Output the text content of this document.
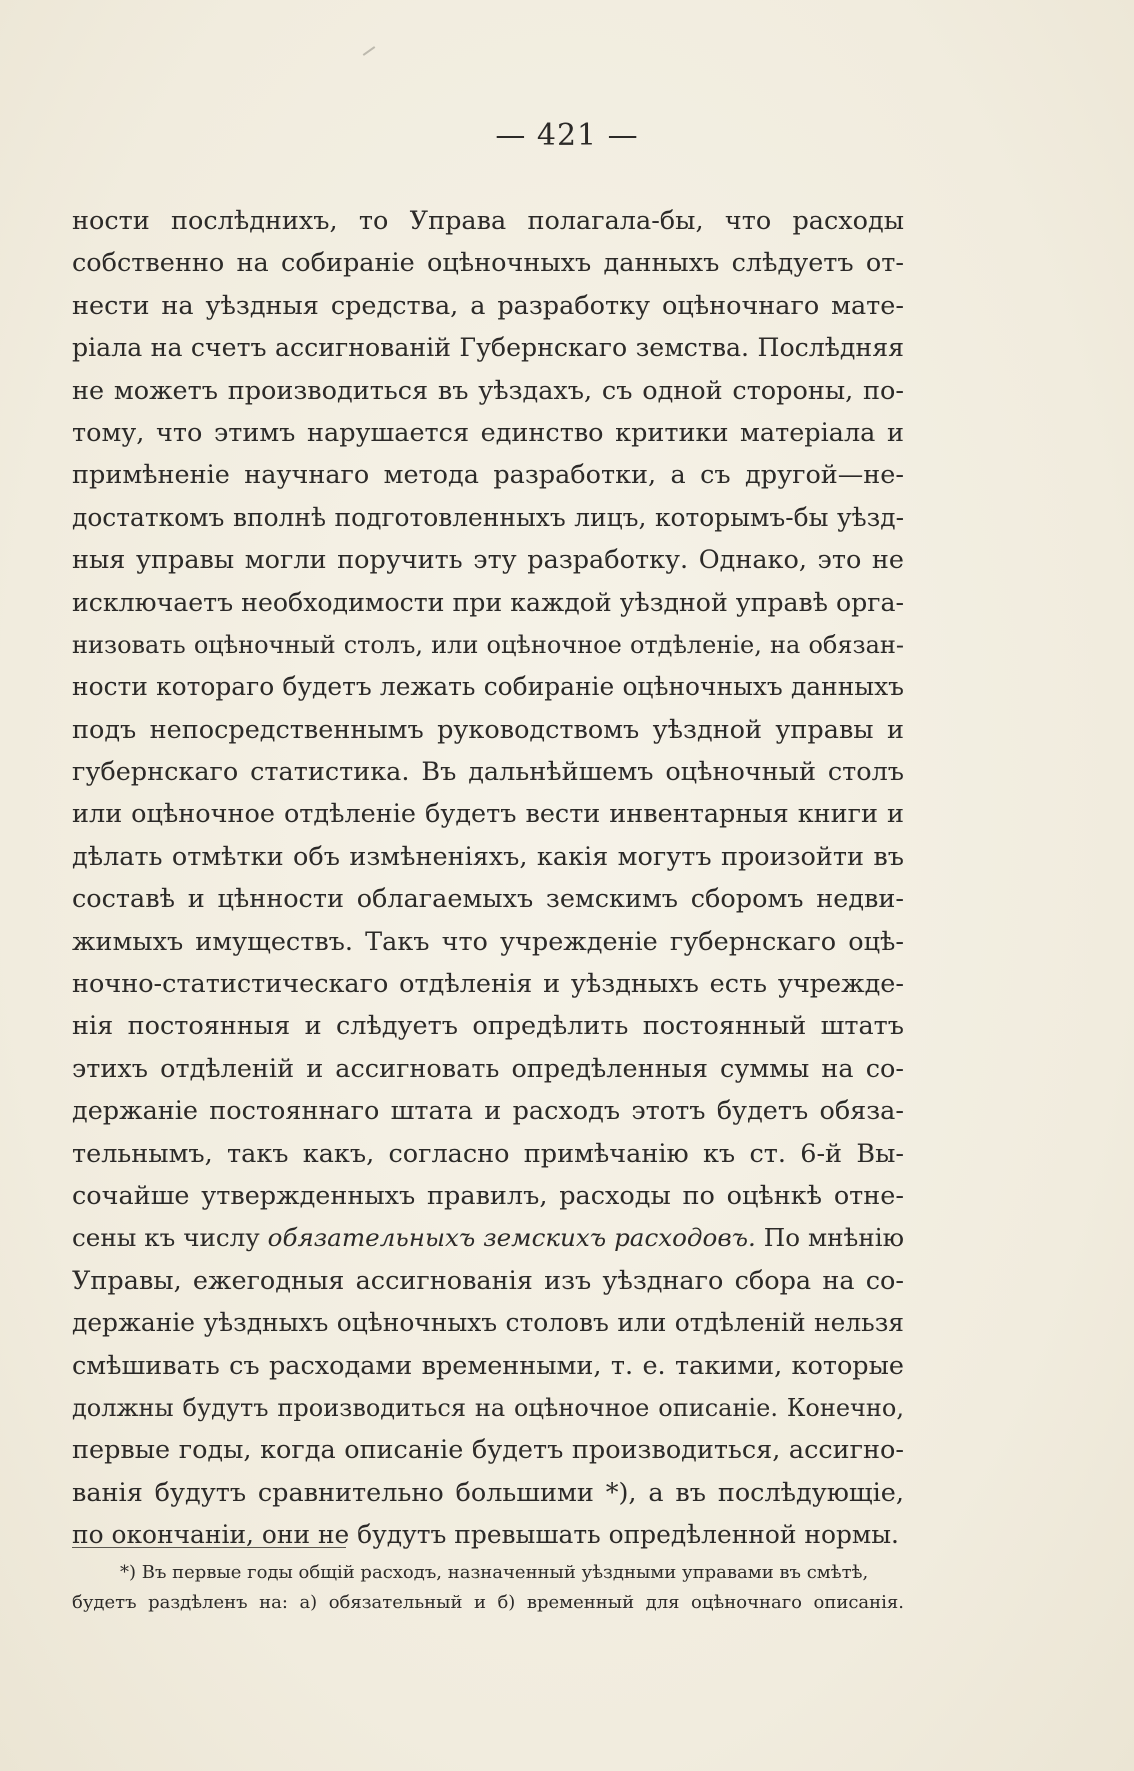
— 421 —
ности послѣднихъ, то Управа полагала-бы, что расходы
собственно на собираніе оцѣночныхъ данныхъ слѣдуетъ от-
нести на уѣздныя средства, а разработку оцѣночнаго мате-
ріала на счетъ ассигнованій Губернскаго земства. Послѣдняя
не можетъ производиться въ уѣздахъ, съ одной стороны, по-
тому, что этимъ нарушается единство критики матеріала и
примѣненіе научнаго метода разработки, а съ другой—не-
достаткомъ вполнѣ подготовленныхъ лицъ, которымъ-бы уѣзд-
ныя управы могли поручить эту разработку. Однако, это не
исключаетъ необходимости при каждой уѣздной управѣ орга-
низовать оцѣночный столъ, или оцѣночное отдѣленіе, на обязан-
ности котораго будетъ лежать собираніе оцѣночныхъ данныхъ
подъ непосредственнымъ руководствомъ уѣздной управы и
губернскаго статистика. Въ дальнѣйшемъ оцѣночный столъ
или оцѣночное отдѣленіе будетъ вести инвентарныя книги и
дѣлать отмѣтки объ измѣненіяхъ, какія могутъ произойти въ
составѣ и цѣнности облагаемыхъ земскимъ сборомъ недви-
жимыхъ имуществъ. Такъ что учрежденіе губернскаго оцѣ-
ночно-статистическаго отдѣленія и уѣздныхъ есть учрежде-
нія постоянныя и слѣдуетъ опредѣлить постоянный штатъ
этихъ отдѣленій и ассигновать опредѣленныя суммы на со-
держаніе постояннаго штата и расходъ этотъ будетъ обяза-
тельнымъ, такъ какъ, согласно примѣчанію къ ст. 6-й Вы-
сочайше утвержденныхъ правилъ, расходы по оцѣнкѣ отне-
сены къ числу обязательныхъ земскихъ расходовъ. По мнѣнію
Управы, ежегодныя ассигнованія изъ уѣзднаго сбора на со-
держаніе уѣздныхъ оцѣночныхъ столовъ или отдѣленій нельзя
смѣшивать съ расходами временными, т. е. такими, которые
должны будутъ производиться на оцѣночное описаніе. Конечно,
первые годы, когда описаніе будетъ производиться, ассигно-
ванія будутъ сравнительно большими *), а въ послѣдующіе,
по окончаніи, они не будутъ превышать опредѣленной нормы.
*) Въ первые годы общій расходъ, назначенный уѣздными управами въ смѣтѣ,
будетъ раздѣленъ на: а) обязательный и б) временный для оцѣночнаго описанія.
